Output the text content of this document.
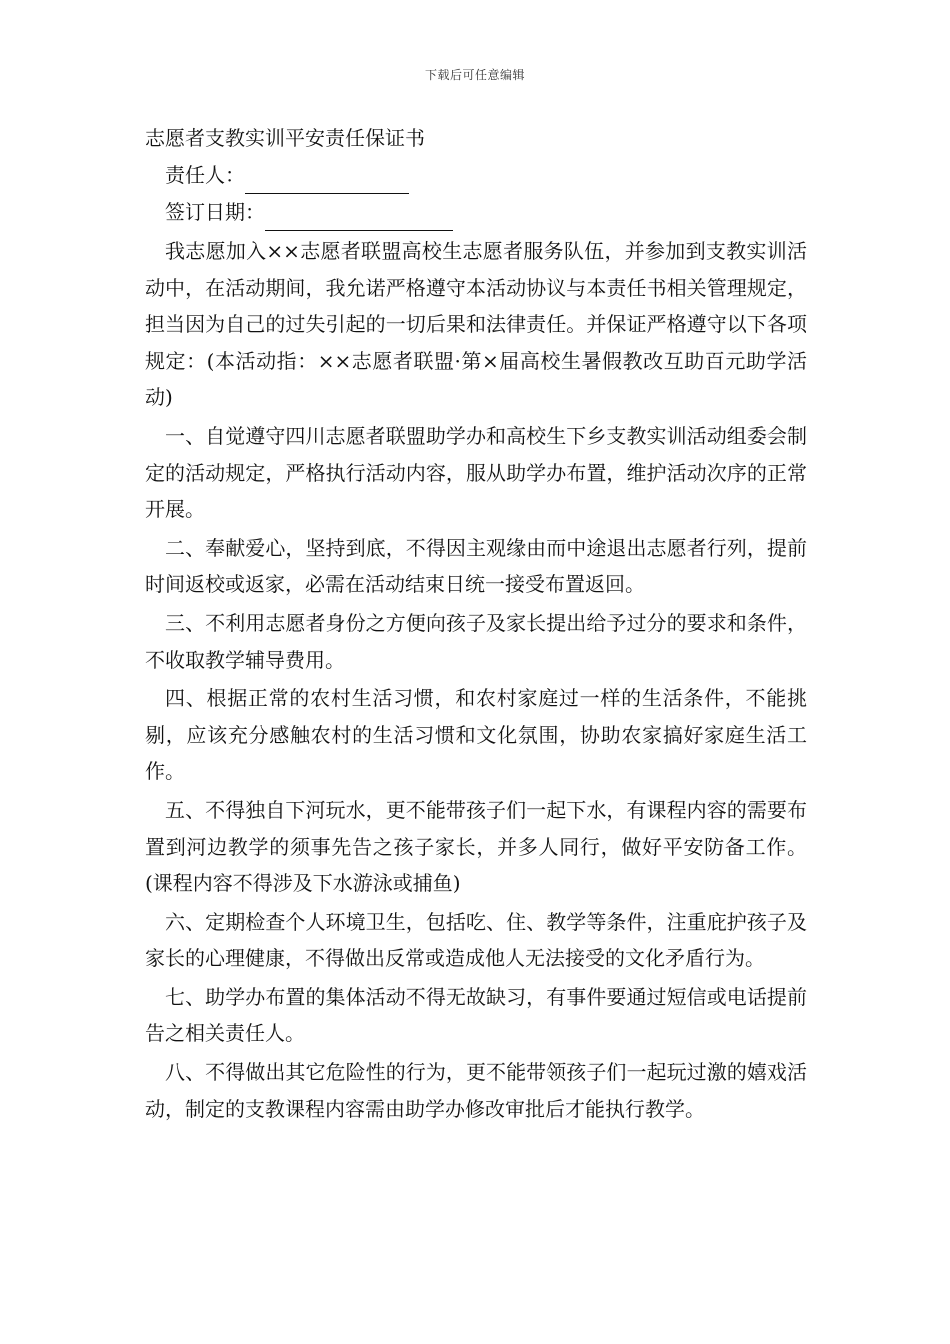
下载后可任意编辑
志愿者支教实训平安责任保证书
责任人：
签订日期：

我志愿加入××志愿者联盟高校生志愿者服务队伍，并参加到支教实训活动中，在活动期间，我允诺严格遵守本活动协议与本责任书相关管理规定，担当因为自己的过失引起的一切后果和法律责任。并保证严格遵守以下各项规定：(本活动指：××志愿者联盟·第×届高校生暑假教改互助百元助学活动)

一、自觉遵守四川志愿者联盟助学办和高校生下乡支教实训活动组委会制定的活动规定，严格执行活动内容，服从助学办布置，维护活动次序的正常开展。

二、奉献爱心，坚持到底，不得因主观缘由而中途退出志愿者行列，提前时间返校或返家，必需在活动结束日统一接受布置返回。

三、不利用志愿者身份之方便向孩子及家长提出给予过分的要求和条件，不收取教学辅导费用。

四、根据正常的农村生活习惯，和农村家庭过一样的生活条件，不能挑剔，应该充分感触农村的生活习惯和文化氛围，协助农家搞好家庭生活工作。

五、不得独自下河玩水，更不能带孩子们一起下水，有课程内容的需要布置到河边教学的须事先告之孩子家长，并多人同行，做好平安防备工作。(课程内容不得涉及下水游泳或捕鱼)

六、定期检查个人环境卫生，包括吃、住、教学等条件，注重庇护孩子及家长的心理健康，不得做出反常或造成他人无法接受的文化矛盾行为。

七、助学办布置的集体活动不得无故缺习，有事件要通过短信或电话提前告之相关责任人。

八、不得做出其它危险性的行为，更不能带领孩子们一起玩过激的嬉戏活动，制定的支教课程内容需由助学办修改审批后才能执行教学。
